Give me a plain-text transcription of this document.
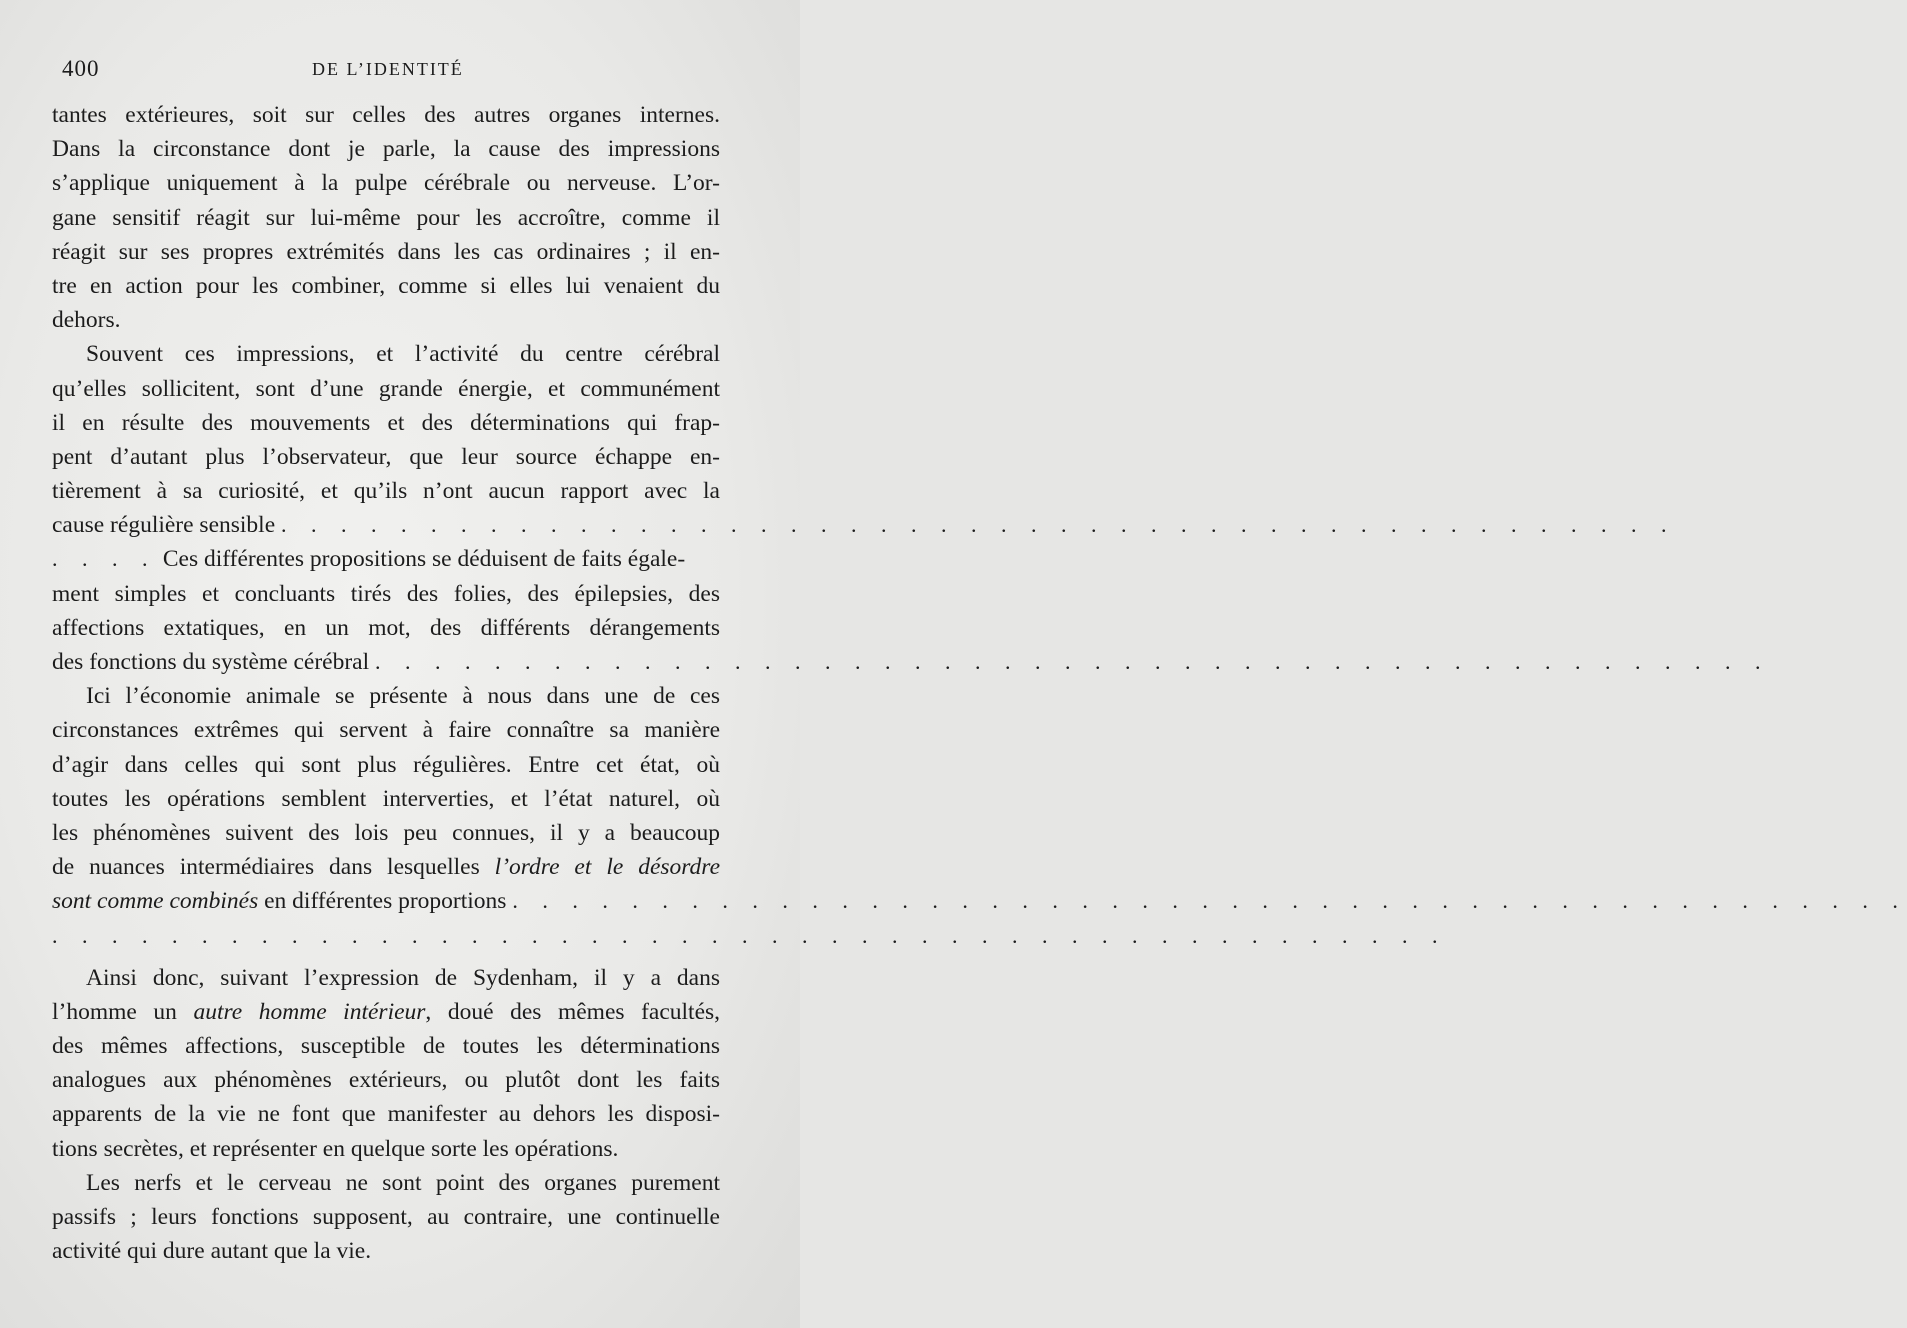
400	DE L’IDENTITÉ
tantes extérieures, soit sur celles des autres organes internes.
Dans la circonstance dont je parle, la cause des impressions
s’applique uniquement à la pulpe cérébrale ou nerveuse. L’or-
gane sensitif réagit sur lui-même pour les accroître, comme il
réagit sur ses propres extrémités dans les cas ordinaires ; il en-
tre en action pour les combiner, comme si elles lui venaient du
dehors.
Souvent ces impressions, et l’activité du centre cérébral
qu’elles sollicitent, sont d’une grande énergie, et communément
il en résulte des mouvements et des déterminations qui frap-
pent d’autant plus l’observateur, que leur source échappe en-
tièrement à sa curiosité, et qu’ils n’ont aucun rapport avec la
cause régulière sensible . . . . . . . . . . . . . . . . . . . . . . . . . . . . . . . . . . . . . . . . . . . . . . .
. . . . Ces différentes propositions se déduisent de faits égale-
ment simples et concluants tirés des folies, des épilepsies, des
affections extatiques, en un mot, des différents dérangements
des fonctions du système cérébral . . . . . . . . . . . . . . . . . . . . . . . . . . . . . . . . . . . . . . . . . . . . . . .
Ici l’économie animale se présente à nous dans une de ces
circonstances extrêmes qui servent à faire connaître sa manière
d’agir dans celles qui sont plus régulières. Entre cet état, où
toutes les opérations semblent interverties, et l’état naturel, où
les phénomènes suivent des lois peu connues, il y a beaucoup
de nuances intermédiaires dans lesquelles l’ordre et le désordre
sont comme combinés en différentes proportions . . . . . . . . . . . . . . . . . . . . . . . . . . . . . . . . . . . . . . . . . . . . . . .
. . . . . . . . . . . . . . . . . . . . . . . . . . . . . . . . . . . . . . . . . . . . . . .
Ainsi donc, suivant l’expression de Sydenham, il y a dans
l’homme un autre homme intérieur, doué des mêmes facultés,
des mêmes affections, susceptible de toutes les déterminations
analogues aux phénomènes extérieurs, ou plutôt dont les faits
apparents de la vie ne font que manifester au dehors les disposi-
tions secrètes, et représenter en quelque sorte les opérations.
Les nerfs et le cerveau ne sont point des organes purement
passifs ; leurs fonctions supposent, au contraire, une continuelle
activité qui dure autant que la vie.
